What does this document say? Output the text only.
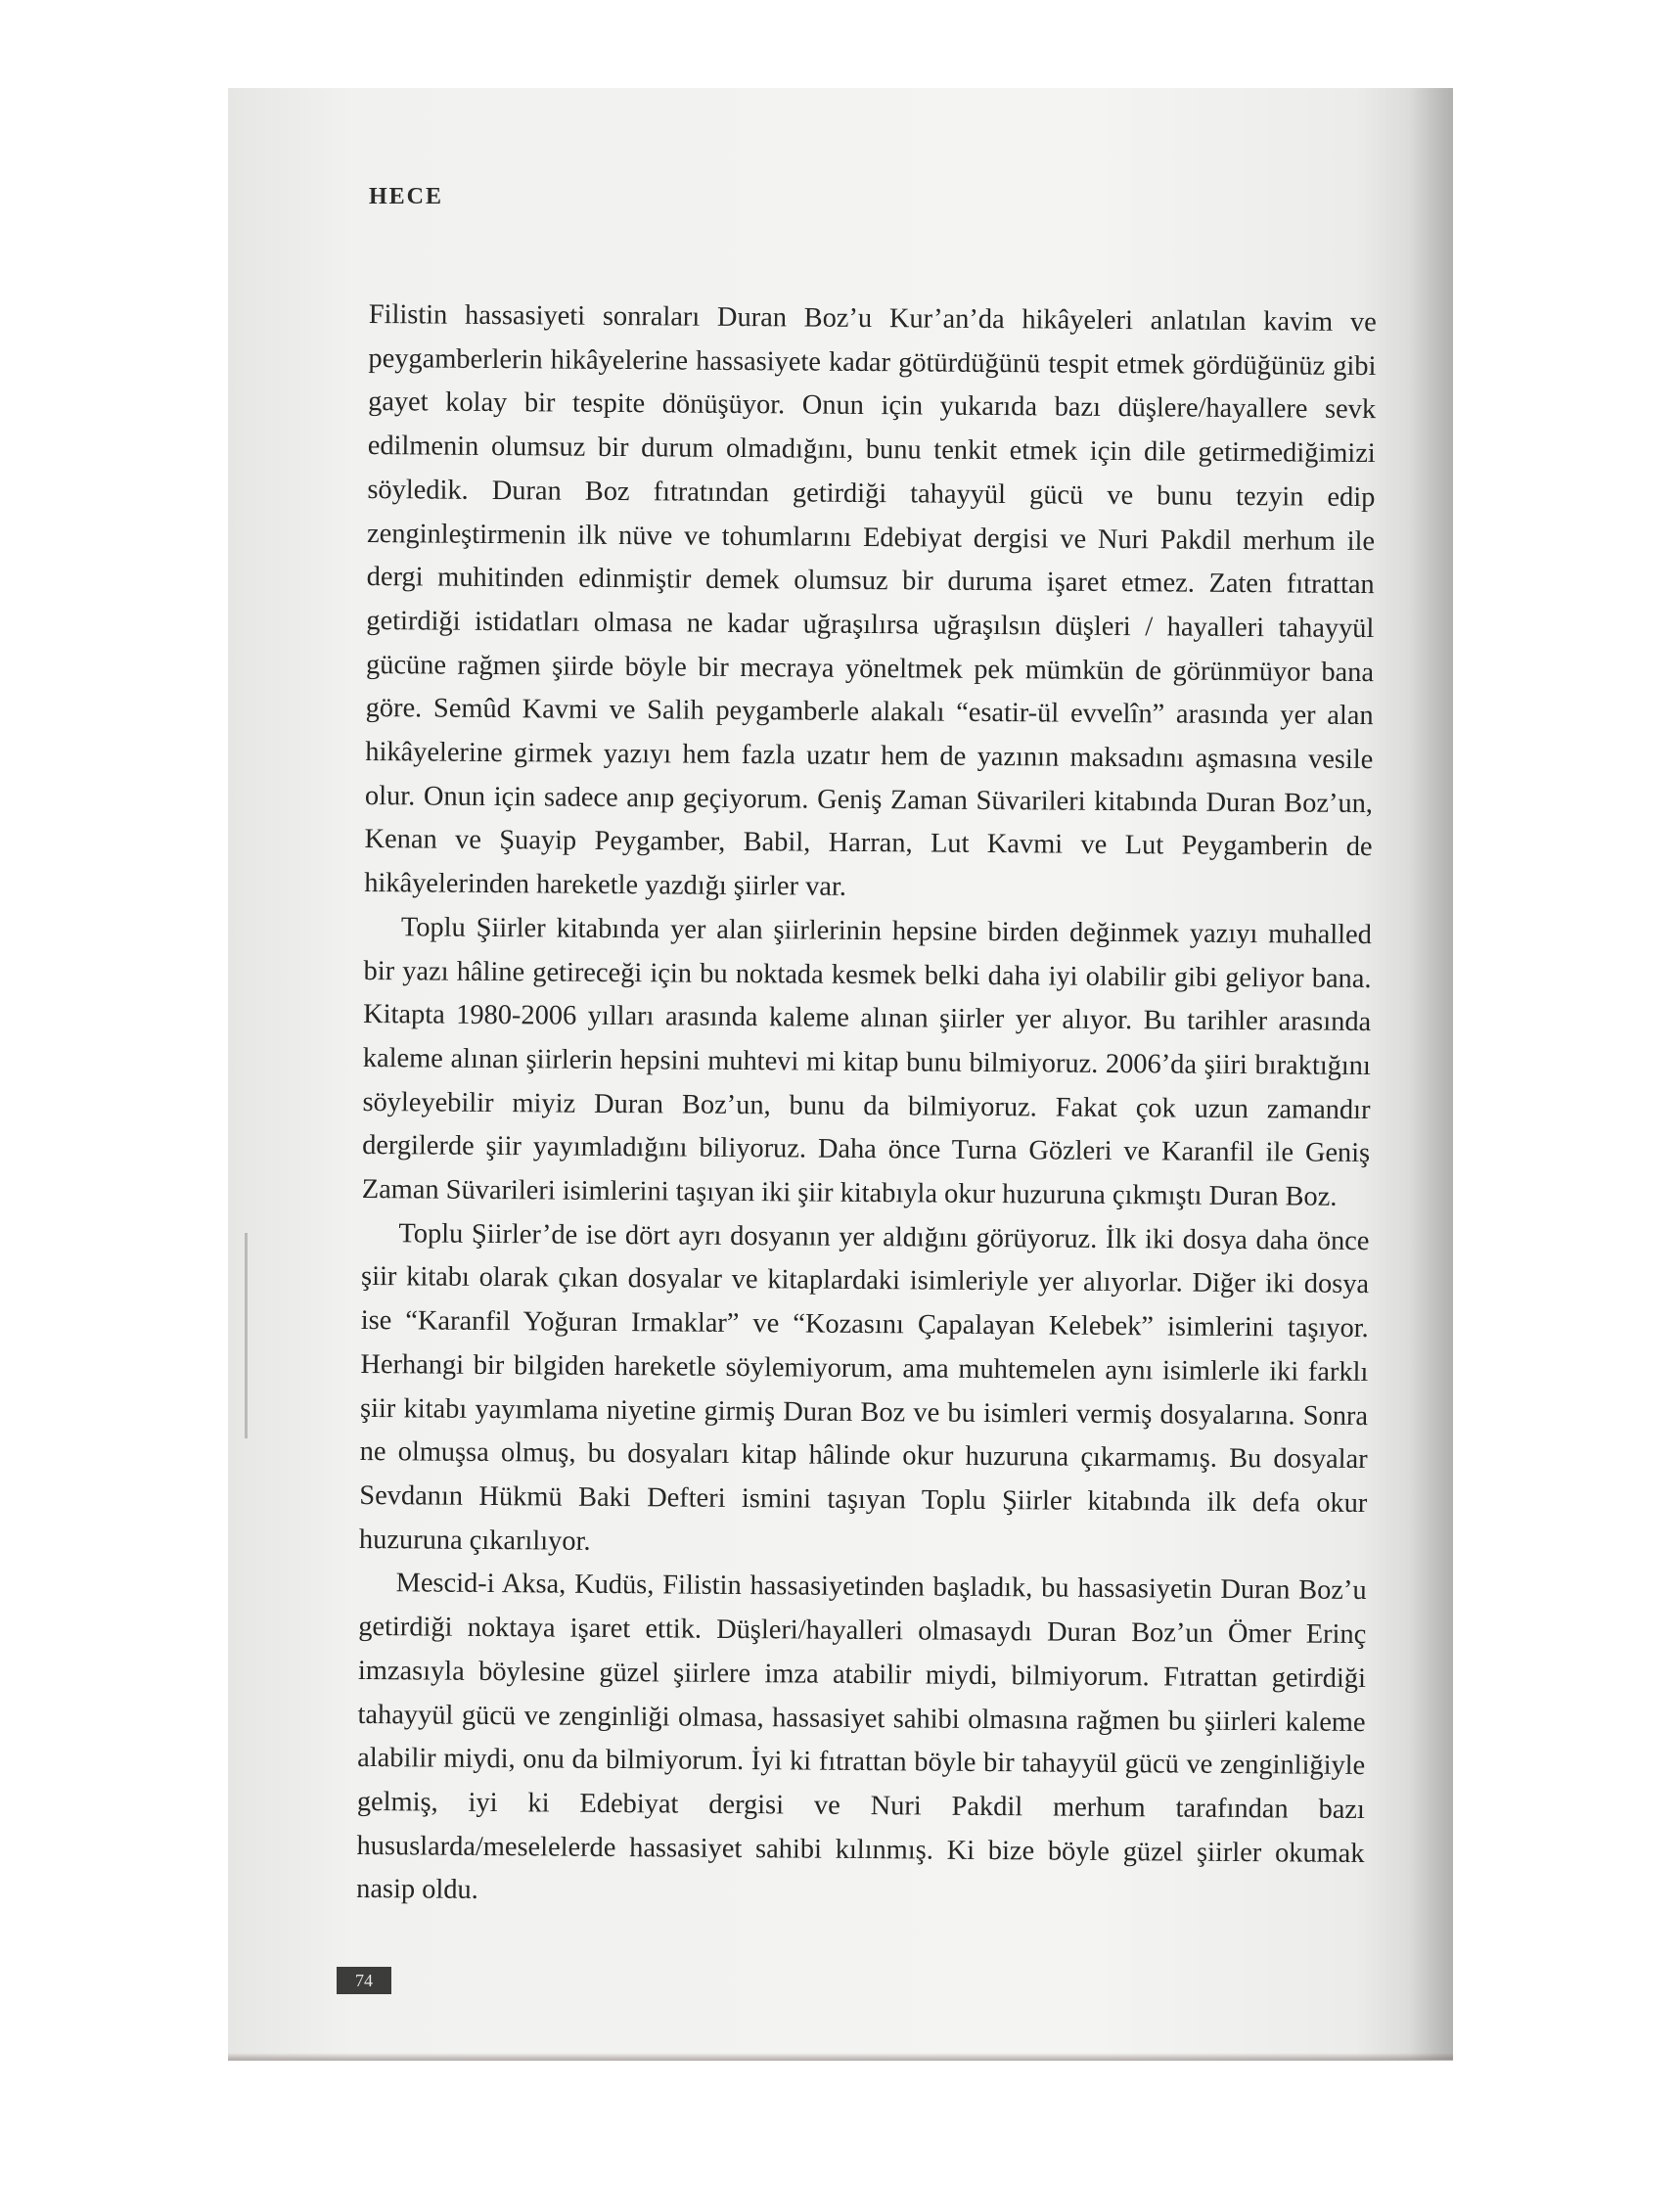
HECE

Filistin hassasiyeti sonraları Duran Boz’u Kur’an’da hikâyeleri anlatılan kavim ve peygamberlerin hikâyelerine hassasiyete kadar götürdüğünü tespit etmek gördüğünüz gibi gayet kolay bir tespite dönüşüyor. Onun için yukarıda bazı düşlere/hayallere sevk edilmenin olumsuz bir durum olmadığını, bunu tenkit etmek için dile getirmediğimizi söyledik. Duran Boz fıtratından getirdiği tahayyül gücü ve bunu tezyin edip zenginleştirmenin ilk nüve ve tohumlarını Edebiyat dergisi ve Nuri Pakdil merhum ile dergi muhitinden edinmiştir demek olumsuz bir duruma işaret etmez. Zaten fıtrattan getirdiği istidatları olmasa ne kadar uğraşılırsa uğraşılsın düşleri / hayalleri tahayyül gücüne rağmen şiirde böyle bir mecraya yöneltmek pek mümkün de görünmüyor bana göre. Semûd Kavmi ve Salih peygamberle alakalı “esatir-ül evvelîn” arasında yer alan hikâyelerine girmek yazıyı hem fazla uzatır hem de yazının maksadını aşmasına vesile olur. Onun için sadece anıp geçiyorum. Geniş Zaman Süvarileri kitabında Duran Boz’un, Kenan ve Şuayip Peygamber, Babil, Harran, Lut Kavmi ve Lut Peygamberin de hikâyelerinden hareketle yazdığı şiirler var.

Toplu Şiirler kitabında yer alan şiirlerinin hepsine birden değinmek yazıyı muhalled bir yazı hâline getireceği için bu noktada kesmek belki daha iyi olabilir gibi geliyor bana. Kitapta 1980-2006 yılları arasında kaleme alınan şiirler yer alıyor. Bu tarihler arasında kaleme alınan şiirlerin hepsini muhtevi mi kitap bunu bilmiyoruz. 2006’da şiiri bıraktığını söyleyebilir miyiz Duran Boz’un, bunu da bilmiyoruz. Fakat çok uzun zamandır dergilerde şiir yayımladığını biliyoruz. Daha önce Turna Gözleri ve Karanfil ile Geniş Zaman Süvarileri isimlerini taşıyan iki şiir kitabıyla okur huzuruna çıkmıştı Duran Boz.

Toplu Şiirler’de ise dört ayrı dosyanın yer aldığını görüyoruz. İlk iki dosya daha önce şiir kitabı olarak çıkan dosyalar ve kitaplardaki isimleriyle yer alıyorlar. Diğer iki dosya ise “Karanfil Yoğuran Irmaklar” ve “Kozasını Çapalayan Kelebek” isimlerini taşıyor. Herhangi bir bilgiden hareketle söylemiyorum, ama muhtemelen aynı isimlerle iki farklı şiir kitabı yayımlama niyetine girmiş Duran Boz ve bu isimleri vermiş dosyalarına. Sonra ne olmuşsa olmuş, bu dosyaları kitap hâlinde okur huzuruna çıkarmamış. Bu dosyalar Sevdanın Hükmü Baki Defteri ismini taşıyan Toplu Şiirler kitabında ilk defa okur huzuruna çıkarılıyor.

Mescid-i Aksa, Kudüs, Filistin hassasiyetinden başladık, bu hassasiyetin Duran Boz’u getirdiği noktaya işaret ettik. Düşleri/hayalleri olmasaydı Duran Boz’un Ömer Erinç imzasıyla böylesine güzel şiirlere imza atabilir miydi, bilmiyorum. Fıtrattan getirdiği tahayyül gücü ve zenginliği olmasa, hassasiyet sahibi olmasına rağmen bu şiirleri kaleme alabilir miydi, onu da bilmiyorum. İyi ki fıtrattan böyle bir tahayyül gücü ve zenginliğiyle gelmiş, iyi ki Edebiyat dergisi ve Nuri Pakdil merhum tarafından bazı hususlarda/meselelerde hassasiyet sahibi kılınmış. Ki bize böyle güzel şiirler okumak nasip oldu.

74
